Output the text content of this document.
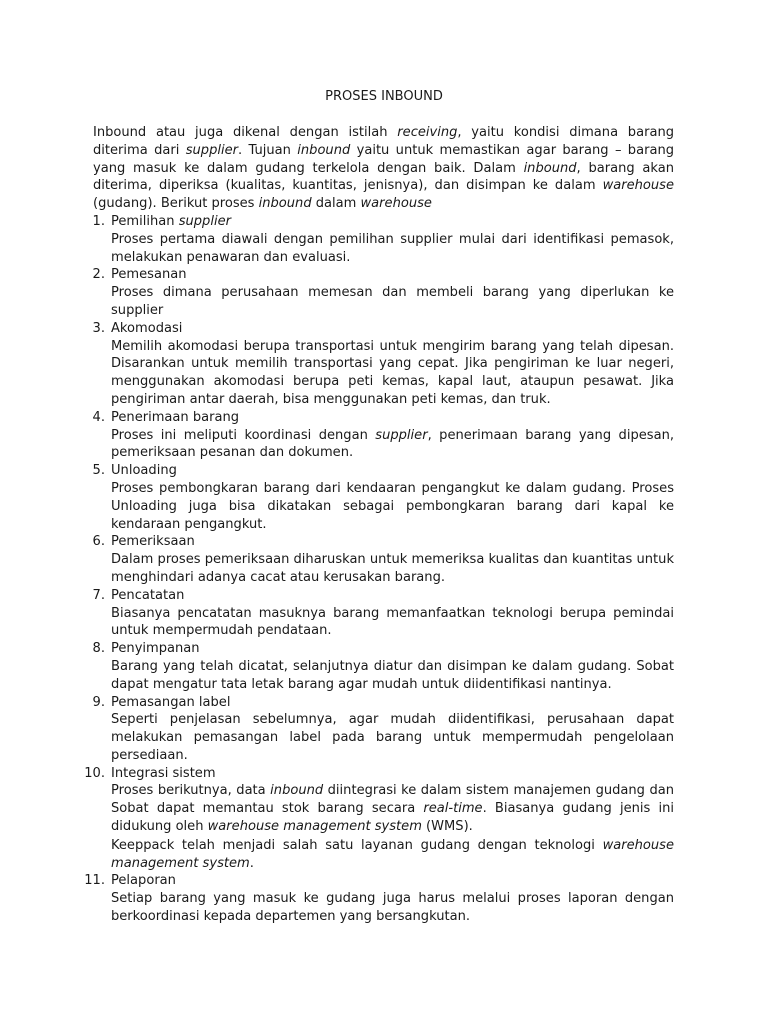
PROSES INBOUND

Inbound atau juga dikenal dengan istilah receiving, yaitu kondisi dimana barang diterima dari supplier. Tujuan inbound yaitu untuk memastikan agar barang – barang yang masuk ke dalam gudang terkelola dengan baik. Dalam inbound, barang akan diterima, diperiksa (kualitas, kuantitas, jenisnya), dan disimpan ke dalam warehouse (gudang). Berikut proses inbound dalam warehouse

1. Pemilihan supplier

Proses pertama diawali dengan pemilihan supplier mulai dari identifikasi pemasok, melakukan penawaran dan evaluasi.

2. Pemesanan

Proses dimana perusahaan memesan dan membeli barang yang diperlukan ke supplier

3. Akomodasi

Memilih akomodasi berupa transportasi untuk mengirim barang yang telah dipesan. Disarankan untuk memilih transportasi yang cepat. Jika pengiriman ke luar negeri, menggunakan akomodasi berupa peti kemas, kapal laut, ataupun pesawat. Jika pengiriman antar daerah, bisa menggunakan peti kemas, dan truk.

4. Penerimaan barang

Proses ini meliputi koordinasi dengan supplier, penerimaan barang yang dipesan, pemeriksaan pesanan dan dokumen.

5. Unloading

Proses pembongkaran barang dari kendaaran pengangkut ke dalam gudang. Proses Unloading juga bisa dikatakan sebagai pembongkaran barang dari kapal ke kendaraan pengangkut.

6. Pemeriksaan

Dalam proses pemeriksaan diharuskan untuk memeriksa kualitas dan kuantitas untuk menghindari adanya cacat atau kerusakan barang.

7. Pencatatan

Biasanya pencatatan masuknya barang memanfaatkan teknologi berupa pemindai untuk mempermudah pendataan.

8. Penyimpanan

Barang yang telah dicatat, selanjutnya diatur dan disimpan ke dalam gudang. Sobat dapat mengatur tata letak barang agar mudah untuk diidentifikasi nantinya.

9. Pemasangan label

Seperti penjelasan sebelumnya, agar mudah diidentifikasi, perusahaan dapat melakukan pemasangan label pada barang untuk mempermudah pengelolaan persediaan.

10. Integrasi sistem

Proses berikutnya, data inbound diintegrasi ke dalam sistem manajemen gudang dan Sobat dapat memantau stok barang secara real-time. Biasanya gudang jenis ini didukung oleh warehouse management system (WMS).

Keeppack telah menjadi salah satu layanan gudang dengan teknologi warehouse management system.

11. Pelaporan

Setiap barang yang masuk ke gudang juga harus melalui proses laporan dengan berkoordinasi kepada departemen yang bersangkutan.
